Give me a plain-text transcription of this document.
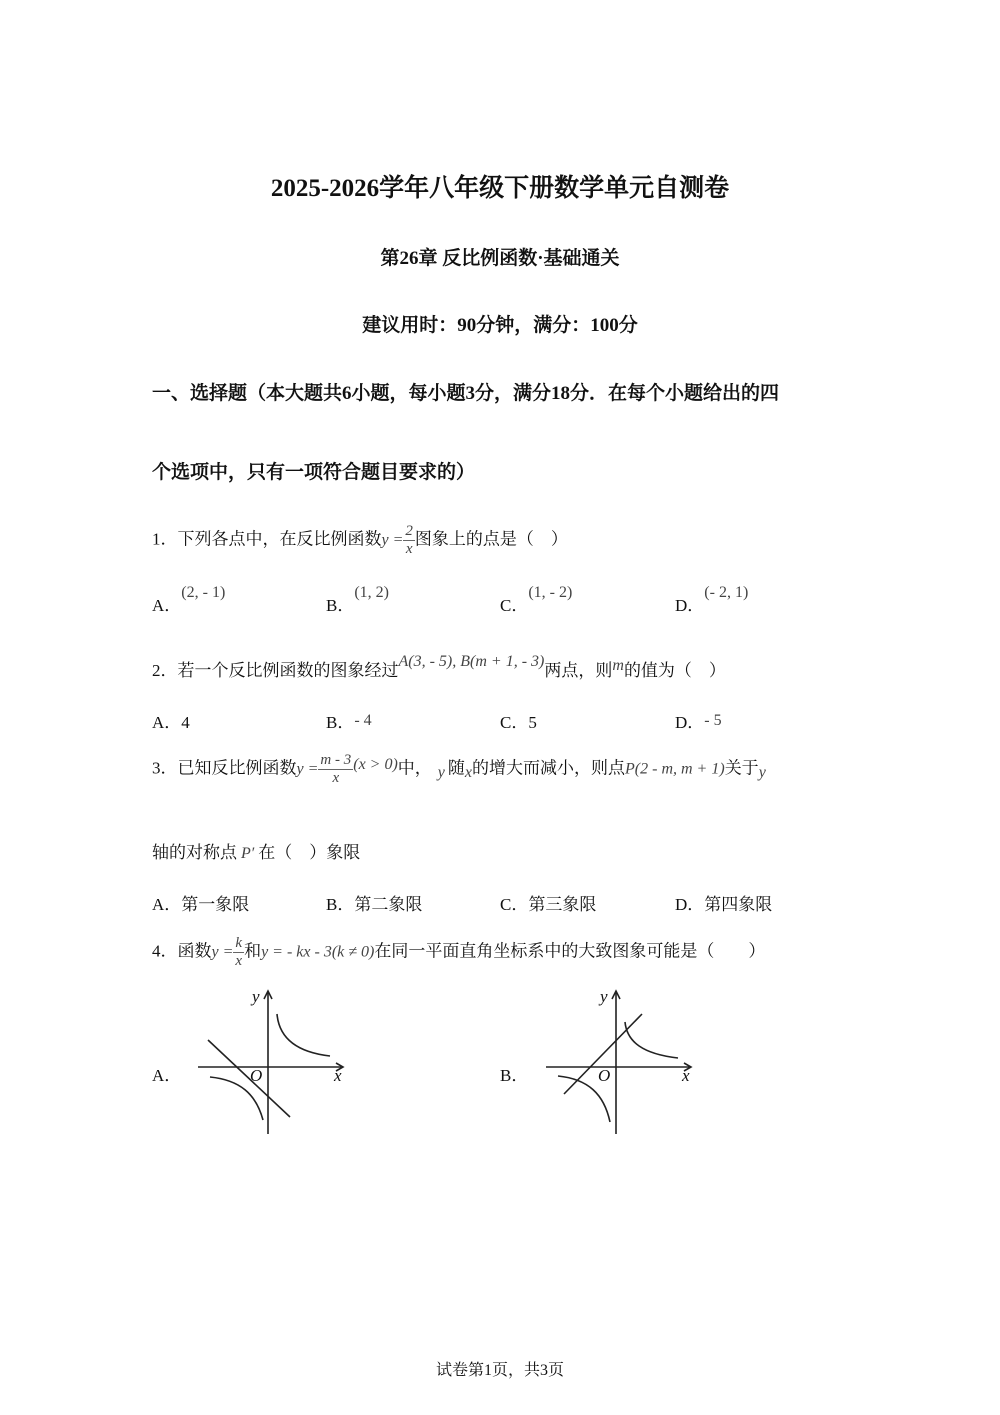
2025-2026学年八年级下册数学单元自测卷
第26章 反比例函数·基础通关
建议用时：90分钟，满分：100分
一、选择题（本大题共6小题，每小题3分，满分18分．在每个小题给出的四
个选项中，只有一项符合题目要求的）
1．下列各点中，在反比例函数$y = \frac{2}{x}$ 图象上的点是（　）
A．(2, - 1)
B．(1, 2)
C．(1, - 2)
D．(- 2, 1)
2．若一个反比例函数的图象经过A(3, - 5), B(m + 1, - 3)两点，则m的值为（　）
A．4	B．- 4	C．5	D．- 5
3．已知反比例函数$y = \frac{m - 3}{x} (x > 0)$中， y 随x的增大而减小，则点P(2 - m, m + 1)关于y
轴的对称点 P′ 在（　）象限
A．第一象限	B．第二象限	C．第三象限	D．第四象限
4．函数$y = \frac{k}{x}$ 和y = - kx - 3(k ≠ 0)在同一平面直角坐标系中的大致图象可能是（　　）
A．
y
x
O	B．
y
x
O
试卷第1页，共3页
